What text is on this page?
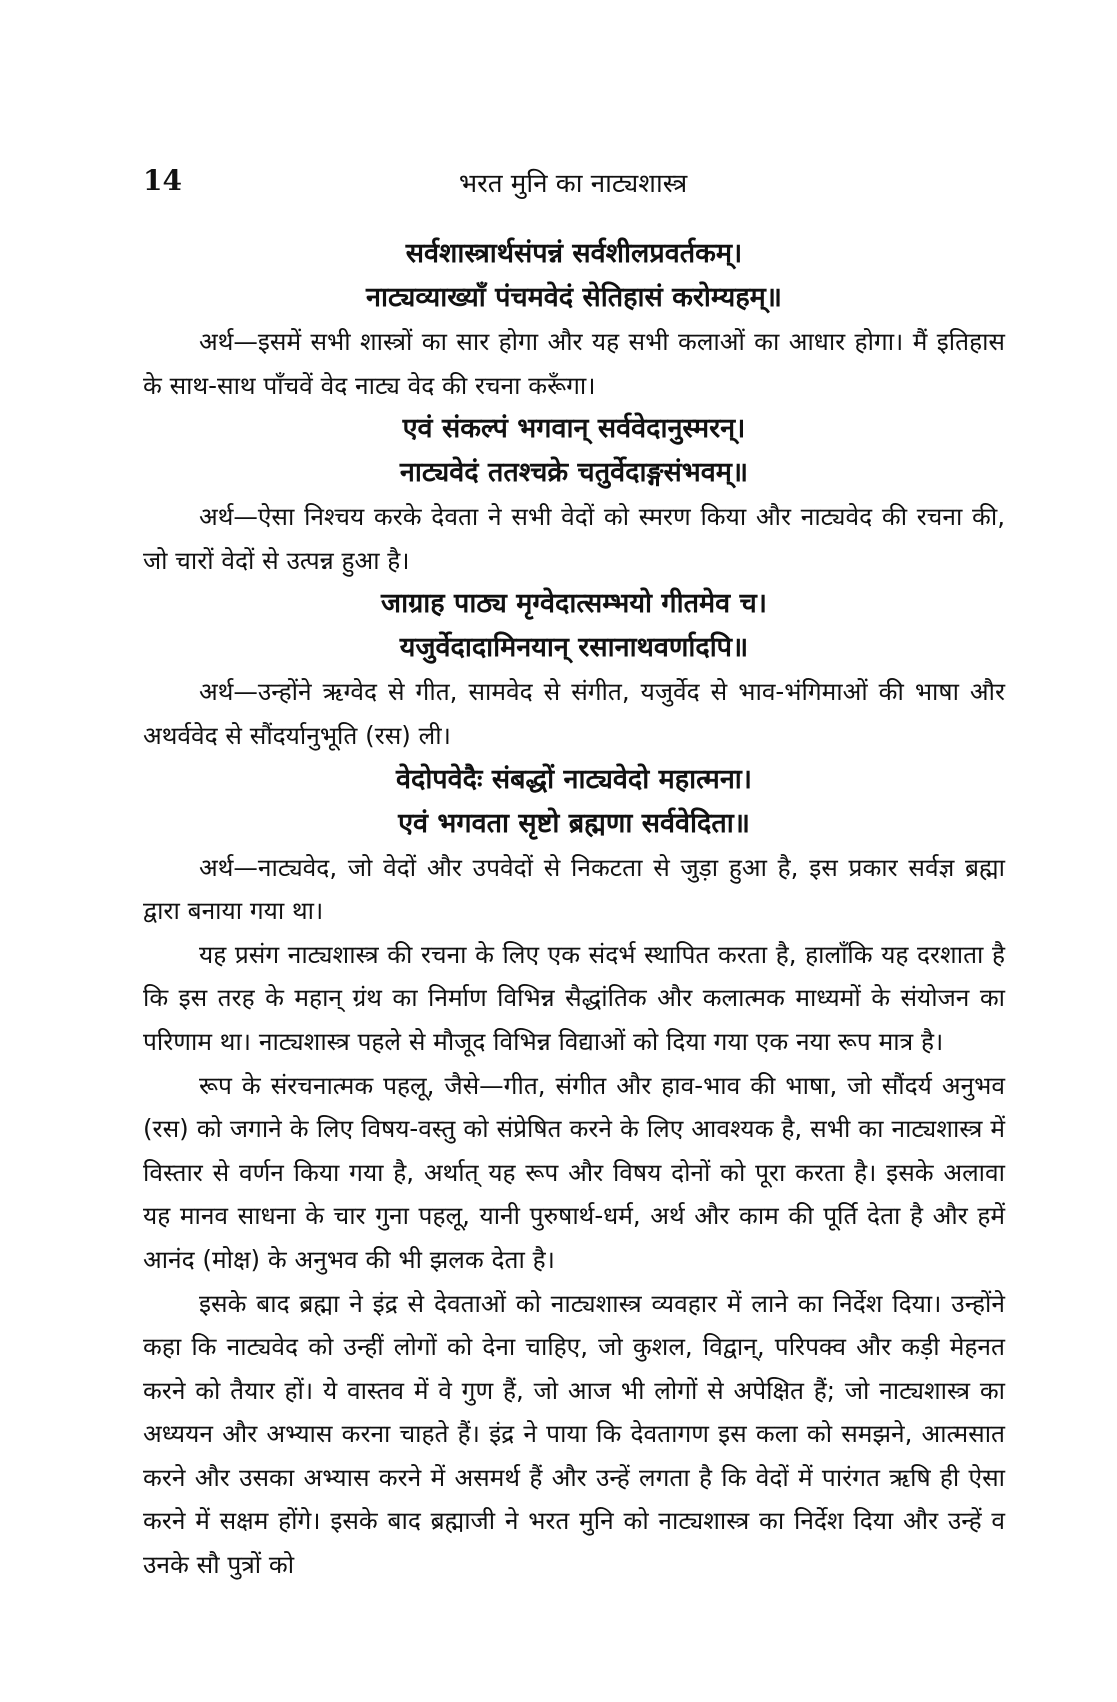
14	भरत मुनि का नाट्यशास्त्र
सर्वशास्त्रार्थसंपन्नं सर्वशीलप्रवर्तकम्।
नाट्यव्याख्याँ पंचमवेदं सेतिहासं करोम्यहम्॥

अर्थ—इसमें सभी शास्त्रों का सार होगा और यह सभी कलाओं का आधार होगा। मैं इतिहास के साथ-साथ पाँचवें वेद नाट्य वेद की रचना करूँगा।

एवं संकल्पं भगवान् सर्ववेदानुस्मरन्।
नाट्यवेदं ततश्चक्रे चतुर्वेदाङ्गसंभवम्॥

अर्थ—ऐसा निश्चय करके देवता ने सभी वेदों को स्मरण किया और नाट्यवेद की रचना की, जो चारों वेदों से उत्पन्न हुआ है।

जाग्राह पाठ्य मृग्वेदात्सम्भयो गीतमेव च।
यजुर्वेदादामिनयान् रसानाथवर्णादपि॥

अर्थ—उन्होंने ऋग्वेद से गीत, सामवेद से संगीत, यजुर्वेद से भाव-भंगिमाओं की भाषा और अथर्ववेद से सौंदर्यानुभूति (रस) ली।

वेदोपवेदैः संबद्धों नाट्यवेदो महात्मना।
एवं भगवता सृष्टो ब्रह्मणा सर्ववेदिता॥

अर्थ—नाट्यवेद, जो वेदों और उपवेदों से निकटता से जुड़ा हुआ है, इस प्रकार सर्वज्ञ ब्रह्मा द्वारा बनाया गया था।

यह प्रसंग नाट्यशास्त्र की रचना के लिए एक संदर्भ स्थापित करता है, हालाँकि यह दरशाता है कि इस तरह के महान् ग्रंथ का निर्माण विभिन्न सैद्धांतिक और कलात्मक माध्यमों के संयोजन का परिणाम था। नाट्यशास्त्र पहले से मौजूद विभिन्न विद्याओं को दिया गया एक नया रूप मात्र है।

रूप के संरचनात्मक पहलू, जैसे—गीत, संगीत और हाव-भाव की भाषा, जो सौंदर्य अनुभव (रस) को जगाने के लिए विषय-वस्तु को संप्रेषित करने के लिए आवश्यक है, सभी का नाट्यशास्त्र में विस्तार से वर्णन किया गया है, अर्थात् यह रूप और विषय दोनों को पूरा करता है। इसके अलावा यह मानव साधना के चार गुना पहलू, यानी पुरुषार्थ-धर्म, अर्थ और काम की पूर्ति देता है और हमें आनंद (मोक्ष) के अनुभव की भी झलक देता है।

इसके बाद ब्रह्मा ने इंद्र से देवताओं को नाट्यशास्त्र व्यवहार में लाने का निर्देश दिया। उन्होंने कहा कि नाट्यवेद को उन्हीं लोगों को देना चाहिए, जो कुशल, विद्वान्, परिपक्व और कड़ी मेहनत करने को तैयार हों। ये वास्तव में वे गुण हैं, जो आज भी लोगों से अपेक्षित हैं; जो नाट्यशास्त्र का अध्ययन और अभ्यास करना चाहते हैं। इंद्र ने पाया कि देवतागण इस कला को समझने, आत्मसात करने और उसका अभ्यास करने में असमर्थ हैं और उन्हें लगता है कि वेदों में पारंगत ऋषि ही ऐसा करने में सक्षम होंगे। इसके बाद ब्रह्माजी ने भरत मुनि को नाट्यशास्त्र का निर्देश दिया और उन्हें व उनके सौ पुत्रों को
